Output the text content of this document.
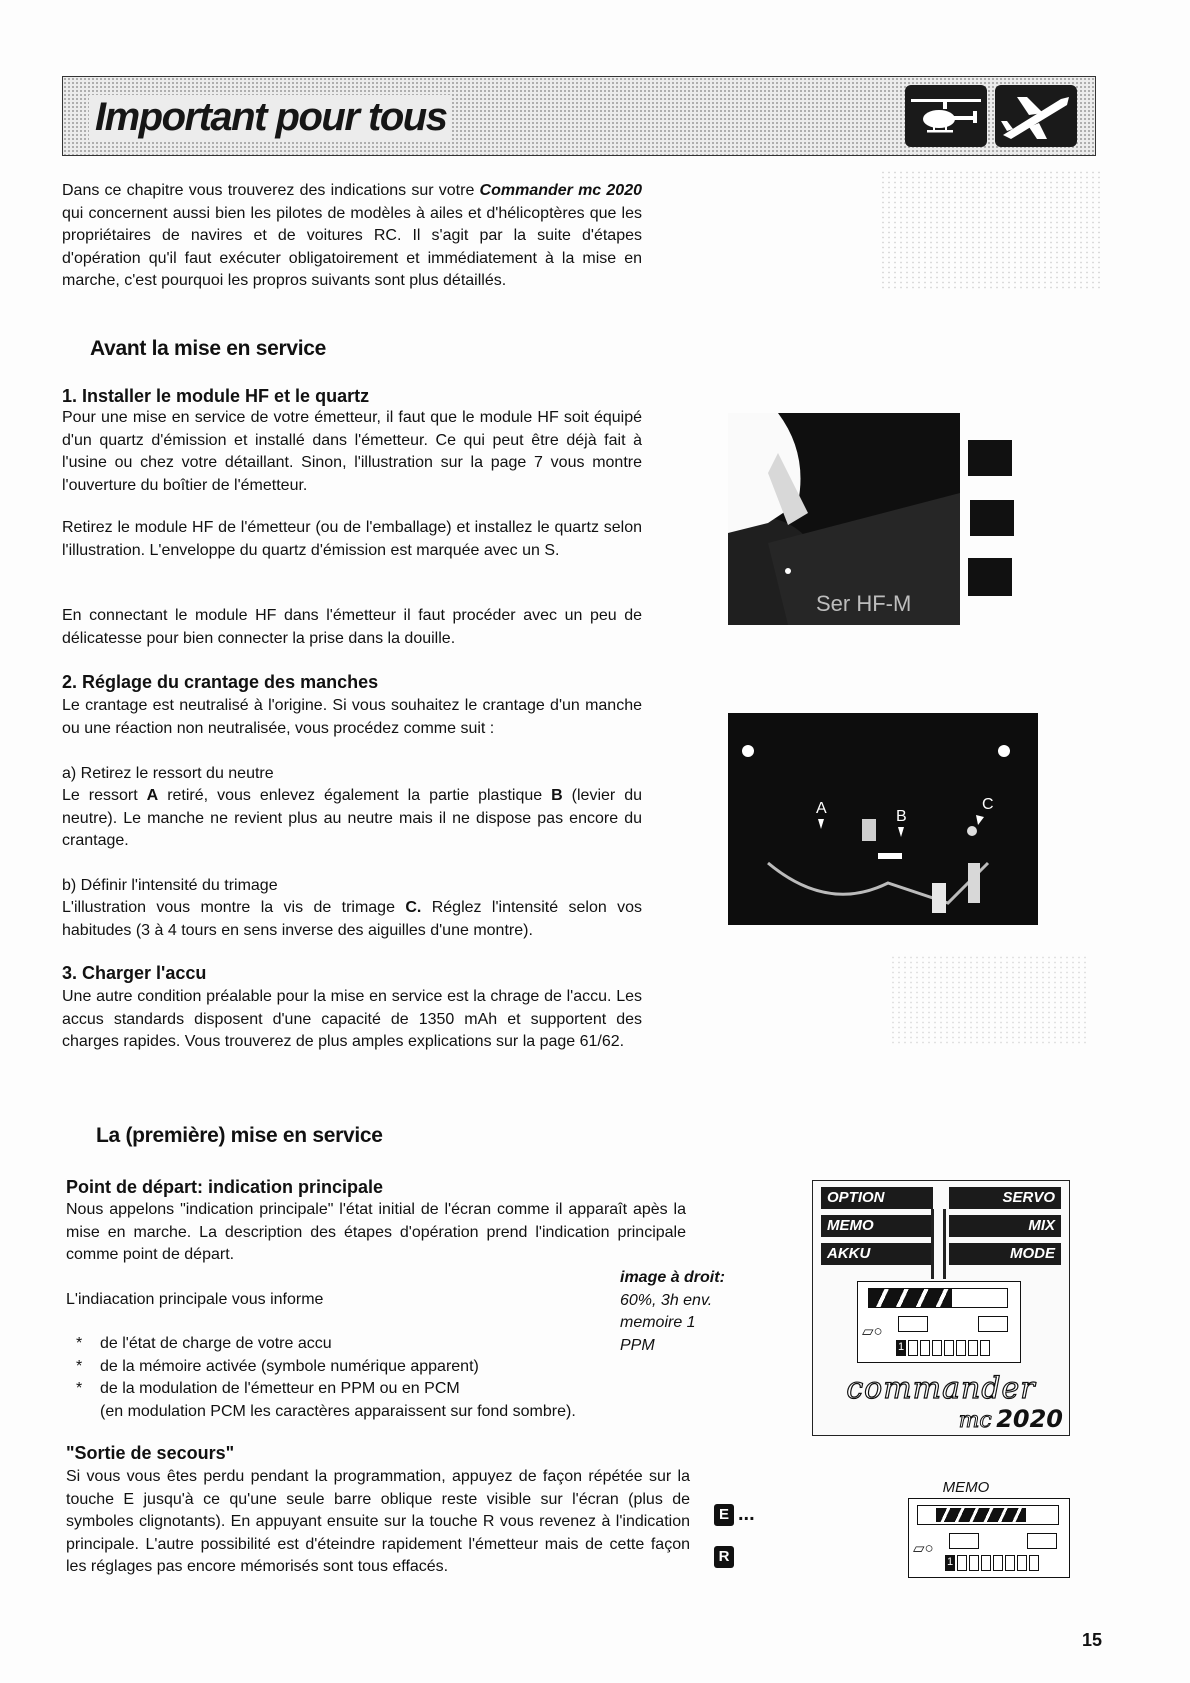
Important pour tous

Dans ce chapitre vous trouverez des indications sur votre Commander mc 2020 qui concernent aussi bien les pilotes de modèles à ailes et d'hélicoptères que les propriétaires de navires et de voitures RC. Il s'agit par la suite d'étapes d'opération qu'il faut exécuter obligatoirement et immédiatement à la mise en marche, c'est pourquoi les propros suivants sont plus détaillés.

Avant la mise en service
1. Installer le module HF et le quartz

Pour une mise en service de votre émetteur, il faut que le module HF soit équipé d'un quartz d'émission et installé dans l'émetteur. Ce qui peut être déjà fait à l'usine ou chez votre détaillant. Sinon, l'illustration sur la page 7 vous montre l'ouverture du boîtier de l'émetteur.

Retirez le module HF de l'émetteur (ou de l'emballage) et installez le quartz selon l'illustration. L'enveloppe du quartz d'émission est marquée avec un S.

En connectant le module HF dans l'émetteur il faut procéder avec un peu de délicatesse pour bien connecter la prise dans la douille.

2. Réglage du crantage des manches

Le crantage est neutralisé à l'origine. Si vous souhaitez le crantage d'un manche ou une réaction non neutralisée, vous procédez comme suit :

a) Retirez le ressort du neutre

Le ressort A retiré, vous enlevez également la partie plastique B (levier du neutre). Le manche ne revient plus au neutre mais il ne dispose pas encore du crantage.

b) Définir l'intensité du trimage

L'illustration vous montre la vis de trimage C. Réglez l'intensité selon vos habitudes (3 à 4 tours en sens inverse des aiguilles d'une montre).

3. Charger l'accu

Une autre condition préalable pour la mise en service est la chrage de l'accu. Les accus standards disposent d'une capacité de 1350 mAh et supportent des charges rapides. Vous trouverez de plus amples explications sur la page 61/62.

Ser HF-M
A	B
C
La (première) mise en service
Point de départ: indication principale

Nous appelons "indication principale" l'état initial de l'écran comme il apparaît apès la mise en marche. La description des étapes d'opération prend l'indication principale comme point de départ.

L'indiacation principale vous informe

image à droit:
60%, 3h env.
memoire 1
PPM
* de l'état de charge de votre accu
* de la mémoire activée (symbole numérique apparent)
* de la modulation de l'émetteur en PPM ou en PCM
(en modulation PCM les caractères apparaissent sur fond sombre).
"Sortie de secours"

Si vous vous êtes perdu pendant la programmation, appuyez de façon répétée sur la touche E jusqu'à ce qu'une seule barre oblique reste visible sur l'écran (plus de symboles clignotants). En appuyant ensuite sur la touche R vous revenez à l'indication principale. L'autre possibilité est d'éteindre rapidement l'émetteur mais de cette façon les réglages pas encore mémorisés sont tous effacés.

E ...
R
OPTION
MEMO
AKKU
SERVO
MIX
MODE
▱○
1
commander
mc 2020
MEMO
▱○
1
15
